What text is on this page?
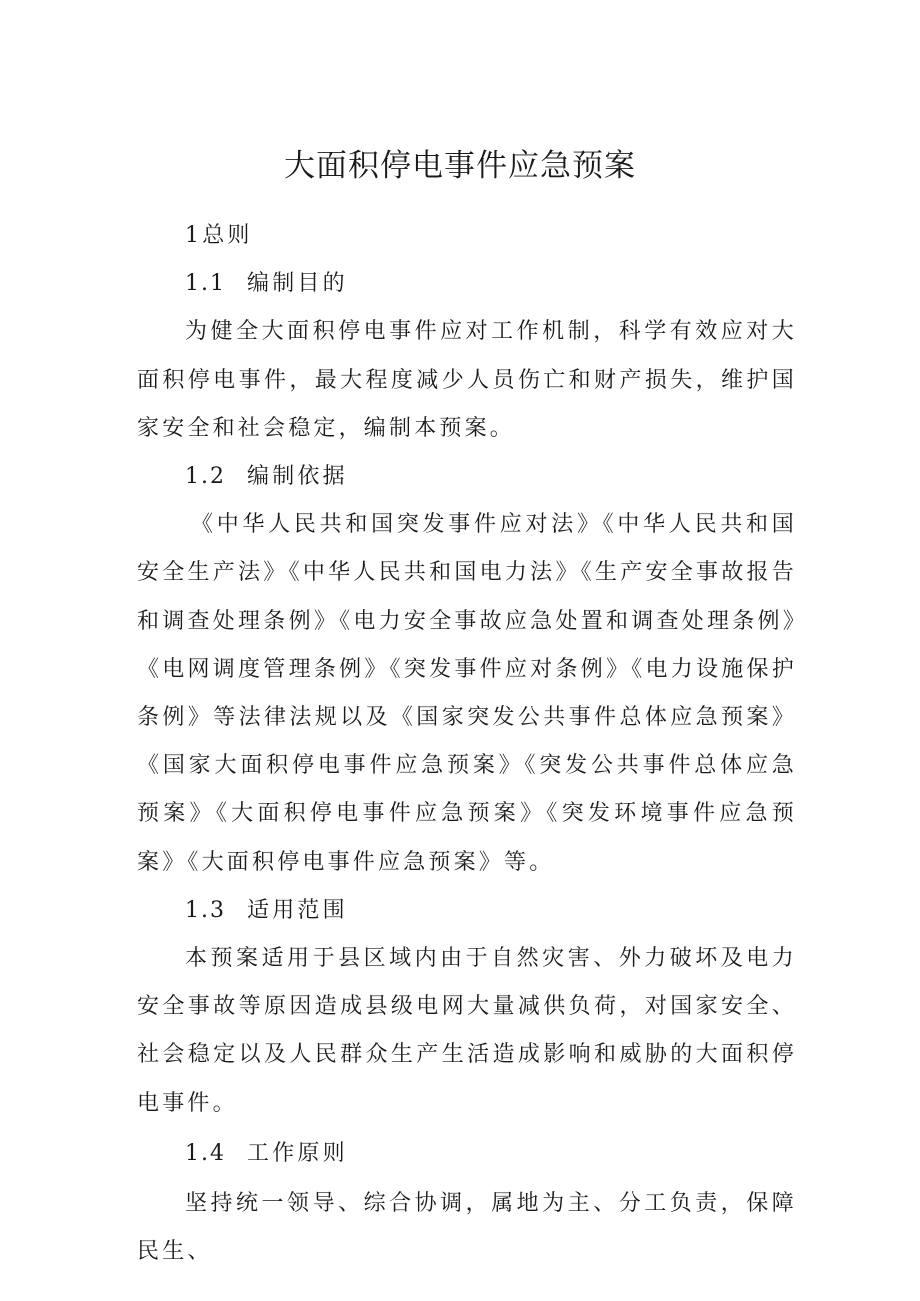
大面积停电事件应急预案

1总则

1.1 编制目的

为健全大面积停电事件应对工作机制，科学有效应对大面积停电事件，最大程度减少人员伤亡和财产损失，维护国家安全和社会稳定，编制本预案。

1.2 编制依据

《中华人民共和国突发事件应对法》《中华人民共和国安全生产法》《中华人民共和国电力法》《生产安全事故报告和调查处理条例》《电力安全事故应急处置和调查处理条例》《电网调度管理条例》《突发事件应对条例》《电力设施保护条例》等法律法规以及《国家突发公共事件总体应急预案》《国家大面积停电事件应急预案》《突发公共事件总体应急预案》《大面积停电事件应急预案》《突发环境事件应急预案》《大面积停电事件应急预案》等。

1.3 适用范围

本预案适用于县区域内由于自然灾害、外力破坏及电力安全事故等原因造成县级电网大量减供负荷，对国家安全、社会稳定以及人民群众生产生活造成影响和威胁的大面积停电事件。

1.4 工作原则

坚持统一领导、综合协调，属地为主、分工负责，保障民生、
